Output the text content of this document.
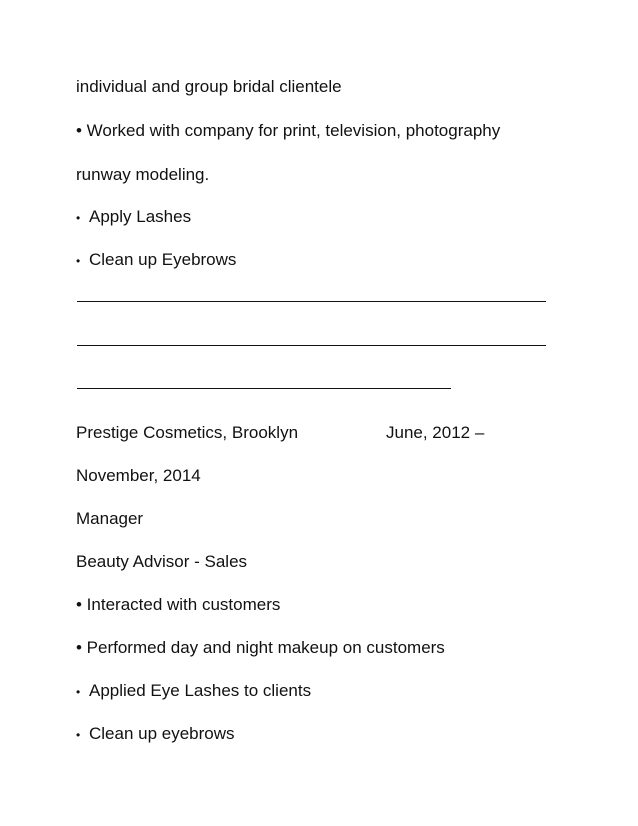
individual and group bridal clientele
• Worked with company for print, television, photography
runway modeling.
• Apply Lashes
• Clean up Eyebrows
Prestige Cosmetics, Brooklyn	June, 2012 –
November, 2014
Manager
Beauty Advisor - Sales
• Interacted with customers
• Performed day and night makeup on customers
• Applied Eye Lashes to clients
• Clean up eyebrows
